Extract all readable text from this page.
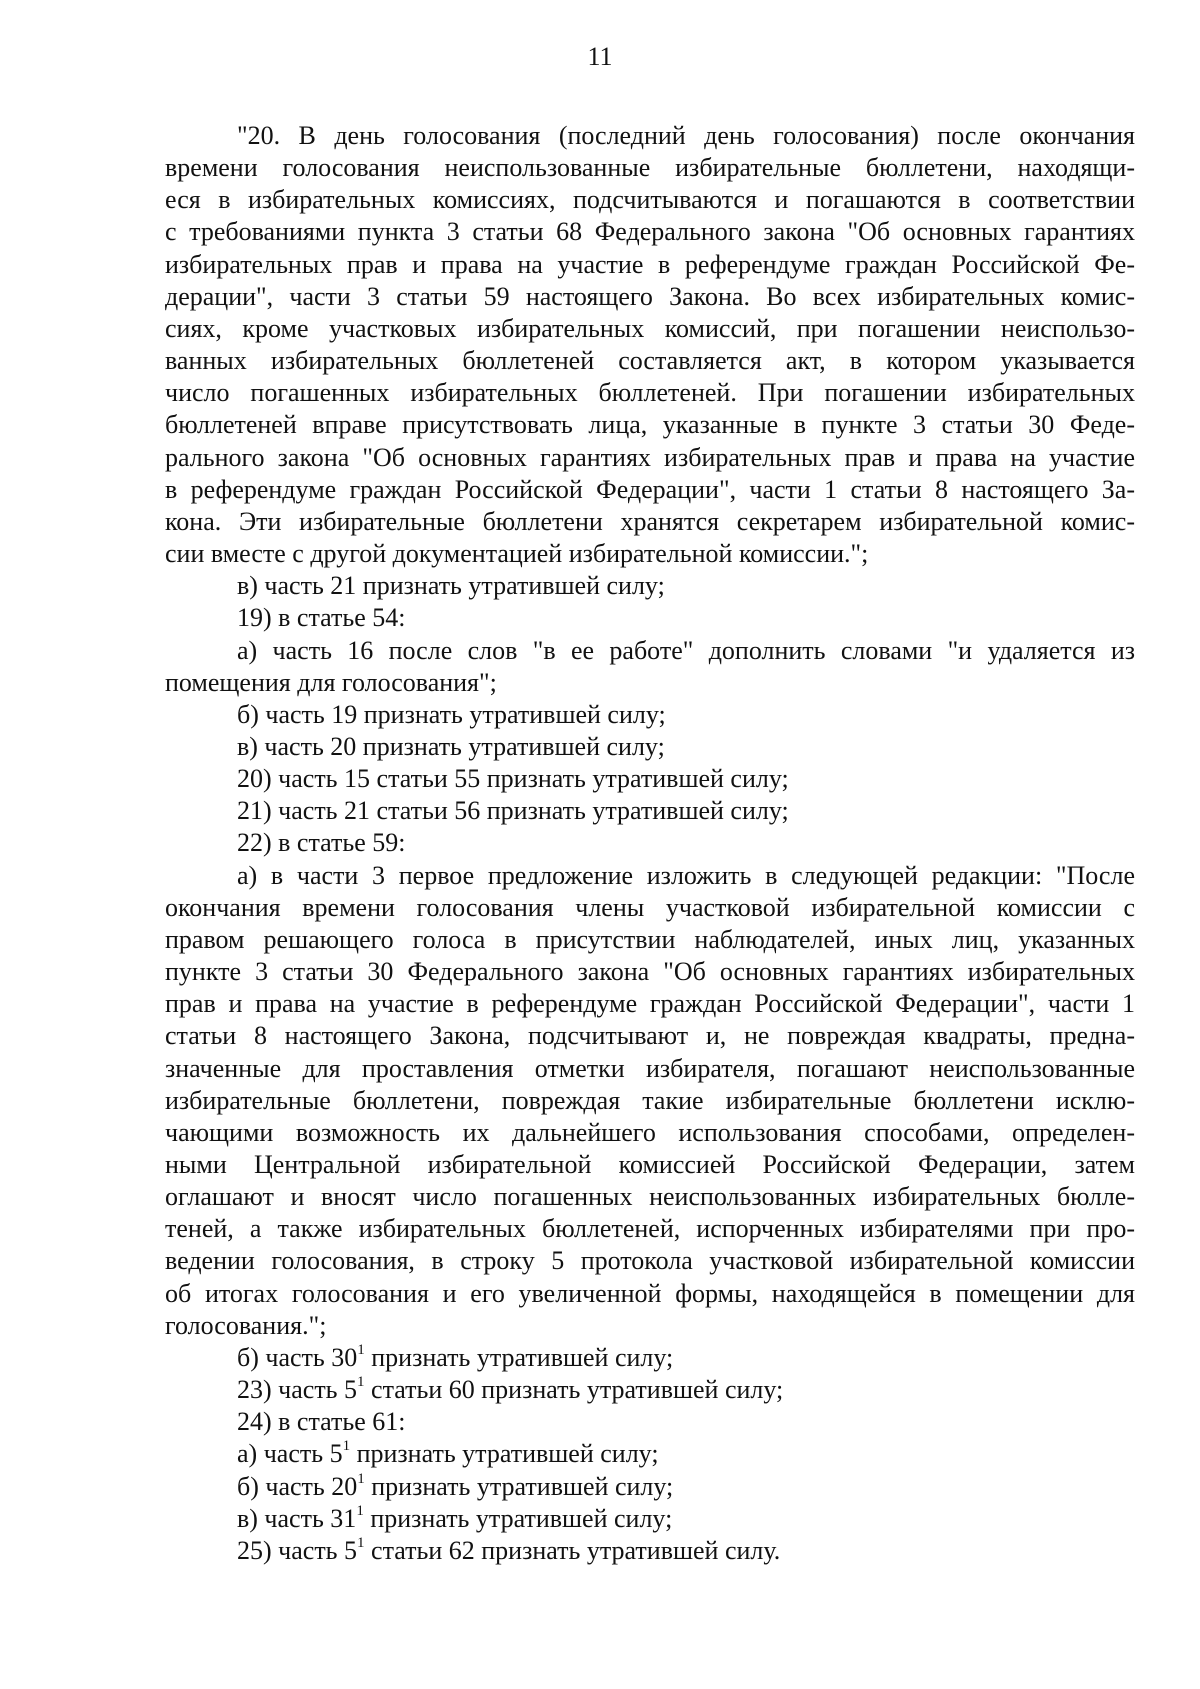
11
"20. В день голосования (последний день голосования) после окончания
времени голосования неиспользованные избирательные бюллетени, находящи-
еся в избирательных комиссиях, подсчитываются и погашаются в соответствии
с требованиями пункта 3 статьи 68 Федерального закона "Об основных гарантиях
избирательных прав и права на участие в референдуме граждан Российской Фе-
дерации", части 3 статьи 59 настоящего Закона. Во всех избирательных комис-
сиях, кроме участковых избирательных комиссий, при погашении неиспользо-
ванных избирательных бюллетеней составляется акт, в котором указывается
число погашенных избирательных бюллетеней. При погашении избирательных
бюллетеней вправе присутствовать лица, указанные в пункте 3 статьи 30 Феде-
рального закона "Об основных гарантиях избирательных прав и права на участие
в референдуме граждан Российской Федерации", части 1 статьи 8 настоящего За-
кона. Эти избирательные бюллетени хранятся секретарем избирательной комис-
сии вместе с другой документацией избирательной комиссии.";
в) часть 21 признать утратившей силу;
19) в статье 54:
а) часть 16 после слов "в ее работе" дополнить словами "и удаляется из
помещения для голосования";
б) часть 19 признать утратившей силу;
в) часть 20 признать утратившей силу;
20) часть 15 статьи 55 признать утратившей силу;
21) часть 21 статьи 56 признать утратившей силу;
22) в статье 59:
а) в части 3 первое предложение изложить в следующей редакции: "После
окончания времени голосования члены участковой избирательной комиссии с
правом решающего голоса в присутствии наблюдателей, иных лиц, указанных
пункте 3 статьи 30 Федерального закона "Об основных гарантиях избирательных
прав и права на участие в референдуме граждан Российской Федерации", части 1
статьи 8 настоящего Закона, подсчитывают и, не повреждая квадраты, предна-
значенные для проставления отметки избирателя, погашают неиспользованные
избирательные бюллетени, повреждая такие избирательные бюллетени исклю-
чающими возможность их дальнейшего использования способами, определен-
ными Центральной избирательной комиссией Российской Федерации, затем
оглашают и вносят число погашенных неиспользованных избирательных бюлле-
теней, а также избирательных бюллетеней, испорченных избирателями при про-
ведении голосования, в строку 5 протокола участковой избирательной комиссии
об итогах голосования и его увеличенной формы, находящейся в помещении для
голосования.";
б) часть $30^1$ признать утратившей силу;
23) часть $5^1$ статьи 60 признать утратившей силу;
24) в статье 61:
а) часть $5^1$ признать утратившей силу;
б) часть $20^1$ признать утратившей силу;
в) часть $31^1$ признать утратившей силу;
25) часть $5^1$ статьи 62 признать утратившей силу.
